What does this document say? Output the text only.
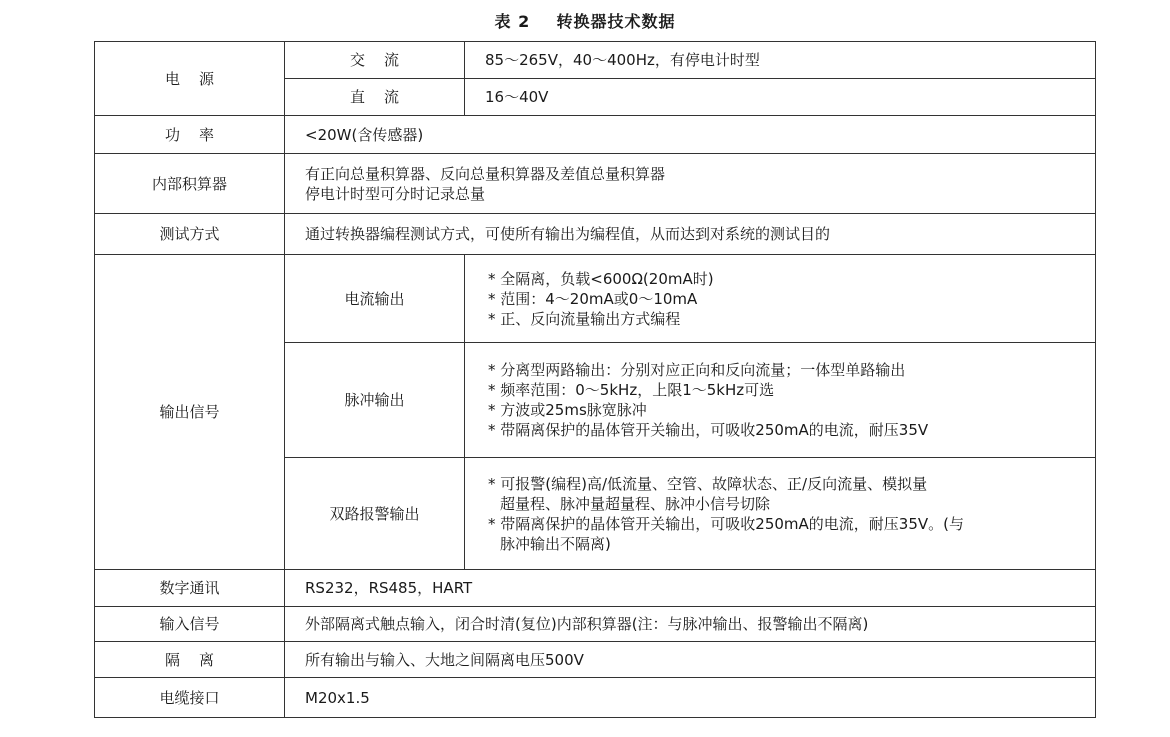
表 2    转换器技术数据
电    源	交    流	85～265V，40～400Hz，有停电计时型
	直    流	16～40V
功    率	<20W(含传感器)	
内部积算器	有正向总量积算器、反向总量积算器及差值总量积算器
停电计时型可分时记录总量	

测试方式	通过转换器编程测试方式，可使所有输出为编程值，从而达到对系统的测试目的	
输出信号	电流输出	* 全隔离，负载<600Ω(20mA时)
* 范围：4～20mA或0～10mA
* 正、反向流量输出方式编程

	脉冲输出	* 分离型两路输出：分别对应正向和反向流量；一体型单路输出
* 频率范围：0～5kHz，上限1～5kHz可选
* 方波或25ms脉宽脉冲
* 带隔离保护的晶体管开关输出，可吸收250mA的电流，耐压35V

	双路报警输出	* 可报警(编程)高/低流量、空管、故障状态、正/反向流量、模拟量
超量程、脉冲量超量程、脉冲小信号切除
* 带隔离保护的晶体管开关输出，可吸收250mA的电流，耐压35V。(与
脉冲输出不隔离)

数字通讯	RS232，RS485，HART	
输入信号	外部隔离式触点输入，闭合时清(复位)内部积算器(注：与脉冲输出、报警输出不隔离)	
隔    离	所有输出与输入、大地之间隔离电压500V	
电缆接口	M20x1.5	
